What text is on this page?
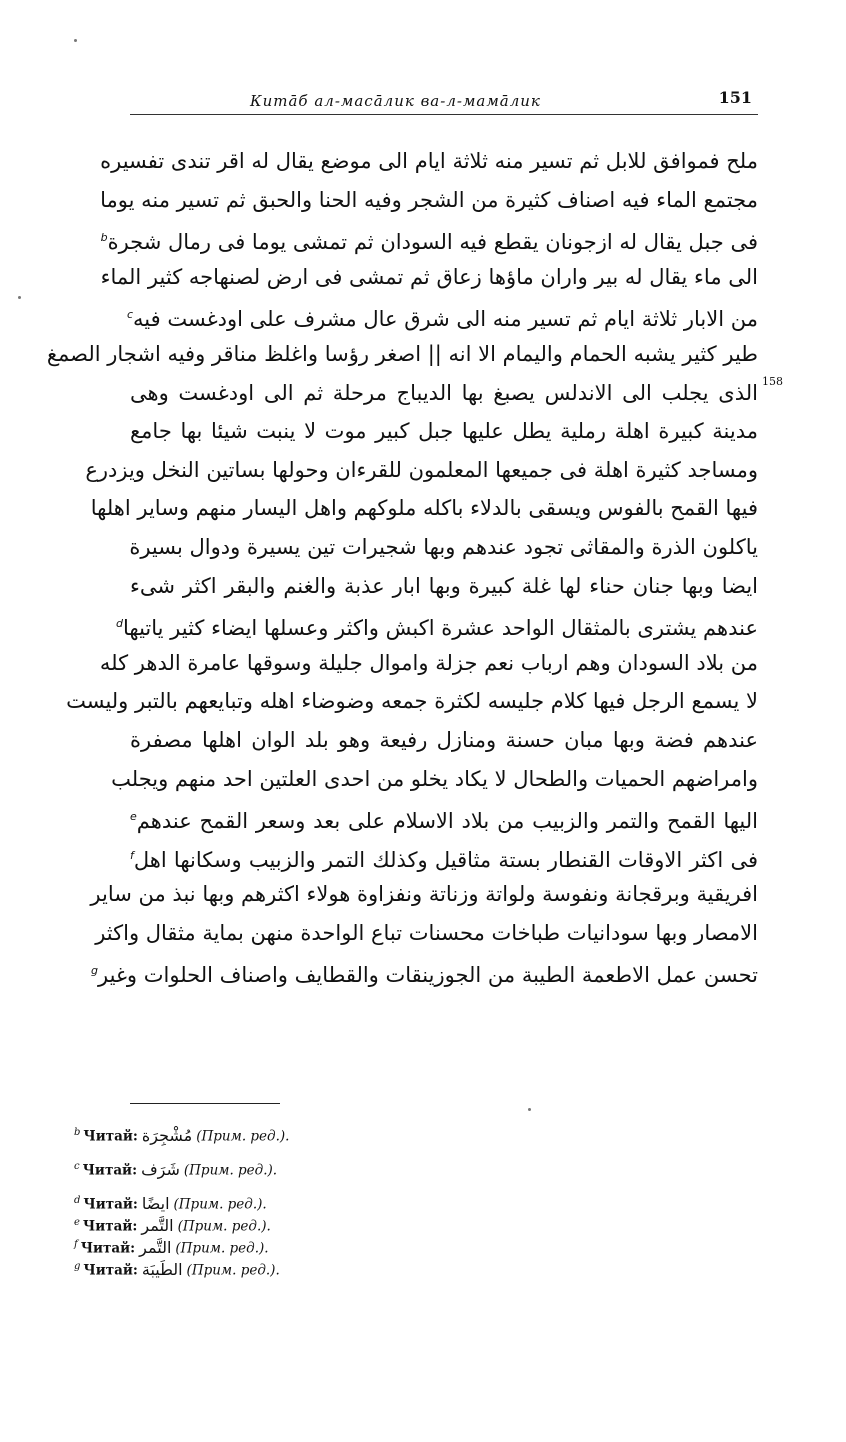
Китāб ал-масāлик ва-л-мамāлик	151
ملح فموافق للابل ثم تسير منه ثلاثة ايام الى موضع يقال له اقر تندى تفسيره
مجتمع الماء فيه اصناف كثيرة من الشجر وفيه الحنا والحبق ثم تسير منه يوما
فى جبل يقال له ازجونان يقطع فيه السودان ثم تمشى يوما فى رمال شجرة$^b$
الى ماء يقال له بير واران ماؤها زعاق ثم تمشى فى ارض لصنهاجه كثير الماء
من الابار ثلاثة ايام ثم تسير منه الى شرق عال مشرف على اودغست فيه$^c$
طير كثير يشبه الحمام واليمام الا انه || اصغر رؤسا واغلظ مناقر وفيه اشجار الصمغ
الذى يجلب الى الاندلس يصبغ بها الديباج مرحلة ثم الى اودغست وهى
مدينة كبيرة اهلة رملية يطل عليها جبل كبير موت لا ينبت شيئا بها جامع
ومساجد كثيرة اهلة فى جميعها المعلمون للقرءان وحولها بساتين النخل ويزدرع
فيها القمح بالفوس ويسقى بالدلاء باكله ملوكهم واهل اليسار منهم وساير اهلها
ياكلون الذرة والمقاثى تجود عندهم وبها شجيرات تين يسيرة ودوال بسيرة
ايضا وبها جنان حناء لها غلة كبيرة وبها ابار عذبة والغنم والبقر اكثر شىء
عندهم يشترى بالمثقال الواحد عشرة اكبش واكثر وعسلها ايضاء كثير ياتيها$^d$
من بلاد السودان وهم ارباب نعم جزلة واموال جليلة وسوقها عامرة الدهر كله
لا يسمع الرجل فيها كلام جليسه لكثرة جمعه وضوضاء اهله وتبايعهم بالتبر وليست
عندهم فضة وبها مبان حسنة ومنازل رفيعة وهو بلد الوان اهلها مصفرة
وامراضهم الحميات والطحال لا يكاد يخلو من احدى العلتين احد منهم ويجلب
اليها القمح والتمر والزبيب من بلاد الاسلام على بعد وسعر القمح عندهم$^e$
فى اكثر الاوقات القنطار بستة مثاقيل وكذلك التمر والزبيب وسكانها اهل$^f$
افريقية وبرقجانة ونفوسة ولواتة وزناتة ونفزاوة هولاء اكثرهم وبها نبذ من ساير
الامصار وبها سودانيات طباخات محسنات تباع الواحدة منهن بماية مثقال واكثر
تحسن عمل الاطعمة الطيبة من الجوزينقات والقطايف واصناف الحلوات وغير$^g$
158
$^b$ Читай: مُشْجِرَة (Прим. ред.).
$^c$ Читай: شَرَف (Прим. ред.).
$^d$ Читай: ايضًا (Прим. ред.).
$^e$ Читай: التَّمر (Прим. ред.).
$^f$ Читай: التَّمر (Прим. ред.).
$^g$ Читай: الطَيبَة (Прим. ред.).
